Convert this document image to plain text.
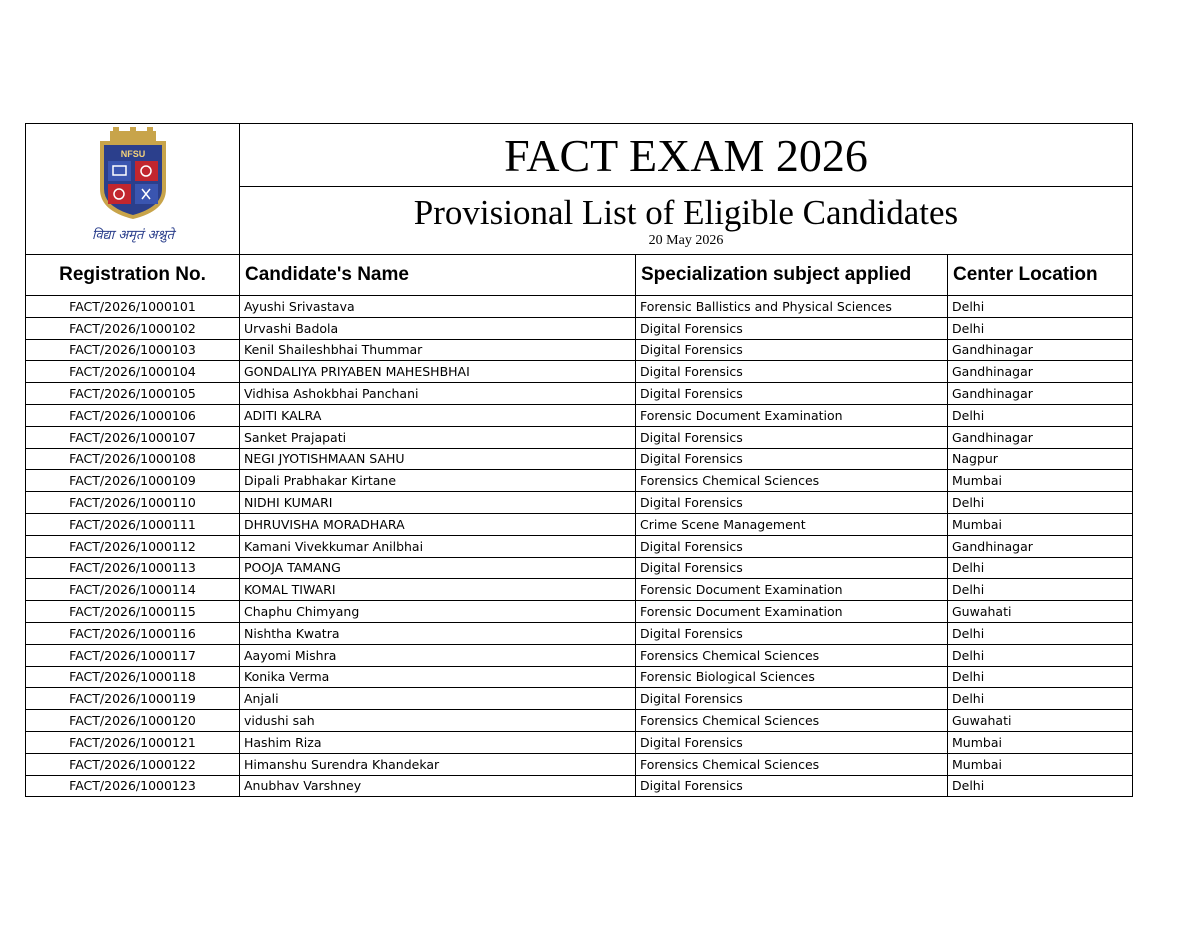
NFSU
विद्या अमृतं अश्नुते	FACT EXAM 2026		

	Provisional List of Eligible Candidates
20 May 2026		

Registration No.	Candidate's Name	Specialization subject applied	Center Location
FACT/2026/1000101	Ayushi Srivastava	Forensic Ballistics and Physical Sciences	Delhi
FACT/2026/1000102	Urvashi Badola	Digital Forensics	Delhi
FACT/2026/1000103	Kenil Shaileshbhai Thummar	Digital Forensics	Gandhinagar
FACT/2026/1000104	GONDALIYA PRIYABEN MAHESHBHAI	Digital Forensics	Gandhinagar
FACT/2026/1000105	Vidhisa Ashokbhai Panchani	Digital Forensics	Gandhinagar
FACT/2026/1000106	ADITI KALRA	Forensic Document Examination	Delhi
FACT/2026/1000107	Sanket Prajapati	Digital Forensics	Gandhinagar
FACT/2026/1000108	NEGI JYOTISHMAAN SAHU	Digital Forensics	Nagpur
FACT/2026/1000109	Dipali Prabhakar Kirtane	Forensics Chemical Sciences	Mumbai
FACT/2026/1000110	NIDHI KUMARI	Digital Forensics	Delhi
FACT/2026/1000111	DHRUVISHA MORADHARA	Crime Scene Management	Mumbai
FACT/2026/1000112	Kamani Vivekkumar Anilbhai	Digital Forensics	Gandhinagar
FACT/2026/1000113	POOJA TAMANG	Digital Forensics	Delhi
FACT/2026/1000114	KOMAL TIWARI	Forensic Document Examination	Delhi
FACT/2026/1000115	Chaphu Chimyang	Forensic Document Examination	Guwahati
FACT/2026/1000116	Nishtha Kwatra	Digital Forensics	Delhi
FACT/2026/1000117	Aayomi Mishra	Forensics Chemical Sciences	Delhi
FACT/2026/1000118	Konika Verma	Forensic Biological Sciences	Delhi
FACT/2026/1000119	Anjali	Digital Forensics	Delhi
FACT/2026/1000120	vidushi sah	Forensics Chemical Sciences	Guwahati
FACT/2026/1000121	Hashim Riza	Digital Forensics	Mumbai
FACT/2026/1000122	Himanshu Surendra Khandekar	Forensics Chemical Sciences	Mumbai
FACT/2026/1000123	Anubhav Varshney	Digital Forensics	Delhi
